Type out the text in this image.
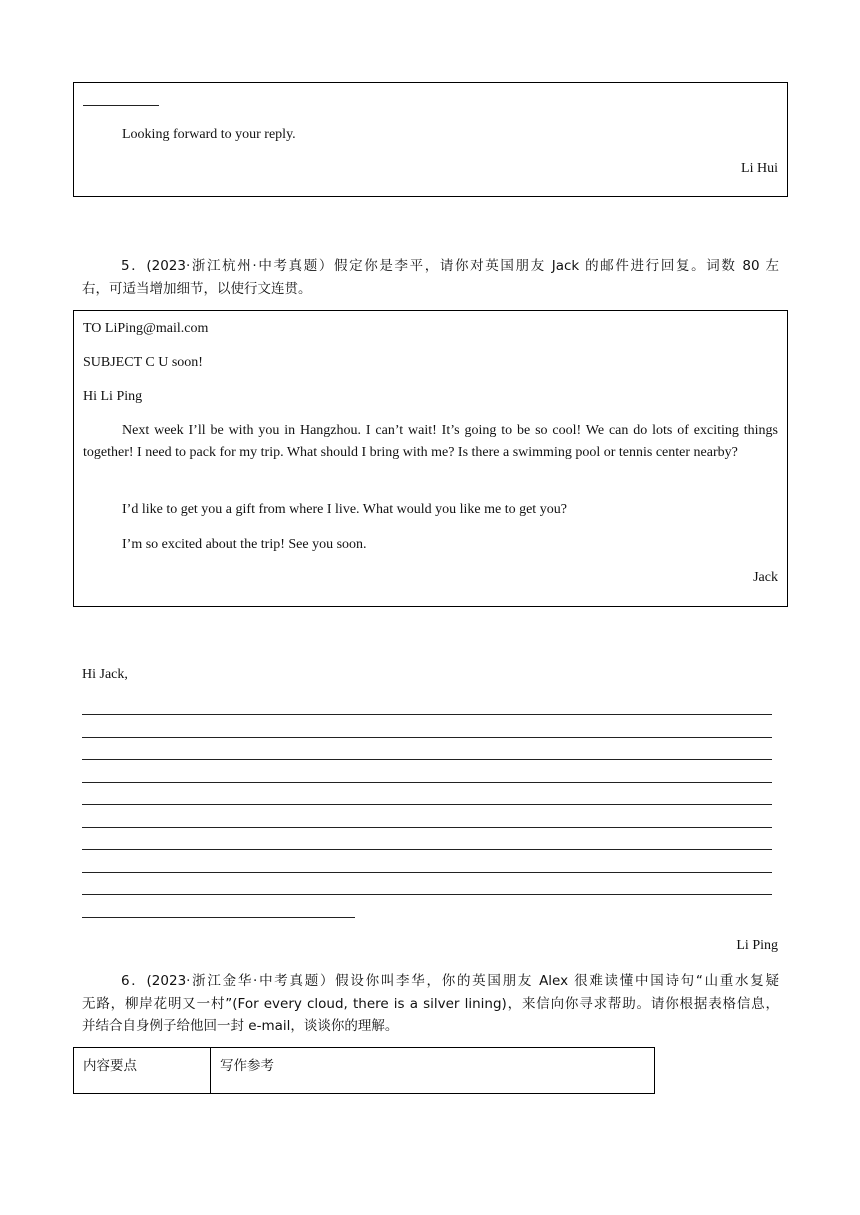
Looking forward to your reply.
Li Hui
5．(2023·浙江杭州·中考真题）假定你是李平，请你对英国朋友 Jack 的邮件进行回复。词数 80 左
右，可适当增加细节，以使行文连贯。
TO LiPing@mail.com
SUBJECT C U soon!
Hi Li Ping
Next week I’ll be with you in Hangzhou. I can’t wait! It’s going to be so cool! We can do lots of exciting things together! I need to pack for my trip. What should I bring with me? Is there a swimming pool or tennis center nearby?
I’d like to get you a gift from where I live. What would you like me to get you?
I’m so excited about the trip! See you soon.
Jack
Hi Jack,
Li Ping
6．(2023·浙江金华·中考真题）假设你叫李华，你的英国朋友 Alex 很难读懂中国诗句“山重水复疑
无路，柳岸花明又一村”(For every cloud, there is a silver lining)，来信向你寻求帮助。请你根据表格信息，
并结合自身例子给他回一封 e-mail，谈谈你的理解。
内容要点	写作参考
